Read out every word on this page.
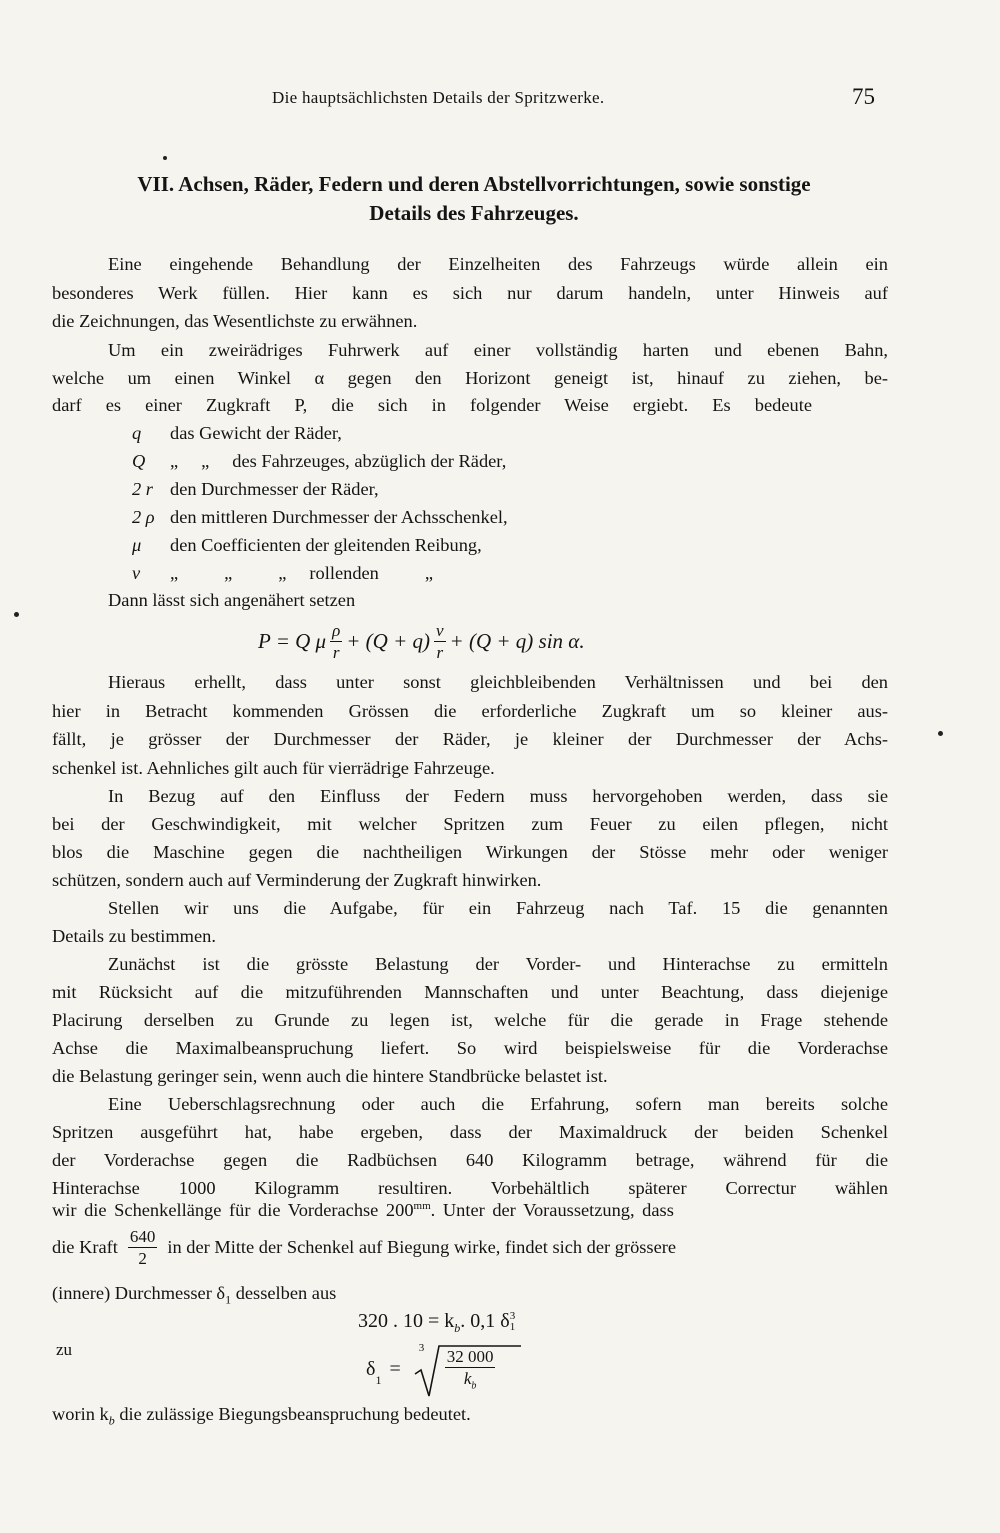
Die hauptsächlichsten Details der Spritzwerke.	75
VII. Achsen, Räder, Federn und deren Abstellvorrichtungen, sowie sonstige
Details des Fahrzeuges.
Eine eingehende Behandlung der Einzelheiten des Fahrzeugs würde allein ein
besonderes Werk füllen. Hier kann es sich nur darum handeln, unter Hinweis auf
die Zeichnungen, das Wesentlichste zu erwähnen.
Um ein zweirädriges Fuhrwerk auf einer vollständig harten und ebenen Bahn,
welche um einen Winkel α gegen den Horizont geneigt ist, hinauf zu ziehen, be-
darf es einer Zugkraft P, die sich in folgender Weise ergiebt. Es bedeute
q das Gewicht der Räder,
Q „     „     des Fahrzeuges, abzüglich der Räder,
2 r den Durchmesser der Räder,
2 ρ den mittleren Durchmesser der Achsschenkel,
μ den Coefficienten der gleitenden Reibung,
ν „          „          „     rollenden          „
Dann lässt sich angenähert setzen
P = Q μ $\frac{\rho}{r} + (Q + q) \frac{\nu}{r} + (Q + q)$ sin α.
Hieraus erhellt, dass unter sonst gleichbleibenden Verhältnissen und bei den
hier in Betracht kommenden Grössen die erforderliche Zugkraft um so kleiner aus-
fällt, je grösser der Durchmesser der Räder, je kleiner der Durchmesser der Achs-
schenkel ist. Aehnliches gilt auch für vierrädrige Fahrzeuge.
In Bezug auf den Einfluss der Federn muss hervorgehoben werden, dass sie
bei der Geschwindigkeit, mit welcher Spritzen zum Feuer zu eilen pflegen, nicht
blos die Maschine gegen die nachtheiligen Wirkungen der Stösse mehr oder weniger
schützen, sondern auch auf Verminderung der Zugkraft hinwirken.
Stellen wir uns die Aufgabe, für ein Fahrzeug nach Taf. 15 die genannten
Details zu bestimmen.
Zunächst ist die grösste Belastung der Vorder- und Hinterachse zu ermitteln
mit Rücksicht auf die mitzuführenden Mannschaften und unter Beachtung, dass diejenige
Placirung derselben zu Grunde zu legen ist, welche für die gerade in Frage stehende
Achse die Maximalbeanspruchung liefert. So wird beispielsweise für die Vorderachse
die Belastung geringer sein, wenn auch die hintere Standbrücke belastet ist.
Eine Ueberschlagsrechnung oder auch die Erfahrung, sofern man bereits solche
Spritzen ausgeführt hat, habe ergeben, dass der Maximaldruck der beiden Schenkel
der Vorderachse gegen die Radbüchsen 640 Kilogramm betrage, während für die
Hinterachse 1000 Kilogramm resultiren. Vorbehältlich späterer Correctur wählen
wir die Schenkellänge für die Vorderachse $200^{mm}$. Unter der Voraussetzung, dass
die Kraft $\frac{640}{2}$ in der Mitte der Schenkel auf Biegung wirke, findet sich der grössere
(innere) Durchmesser $\delta_1$ desselben aus
320 . $10 = k_b$. 0,1 δ 3
1
zu
δ
$_1$
=
$3 \frac{32 000}{k_b}$
worin $k_b$ die zulässige Biegungsbeanspruchung bedeutet.
